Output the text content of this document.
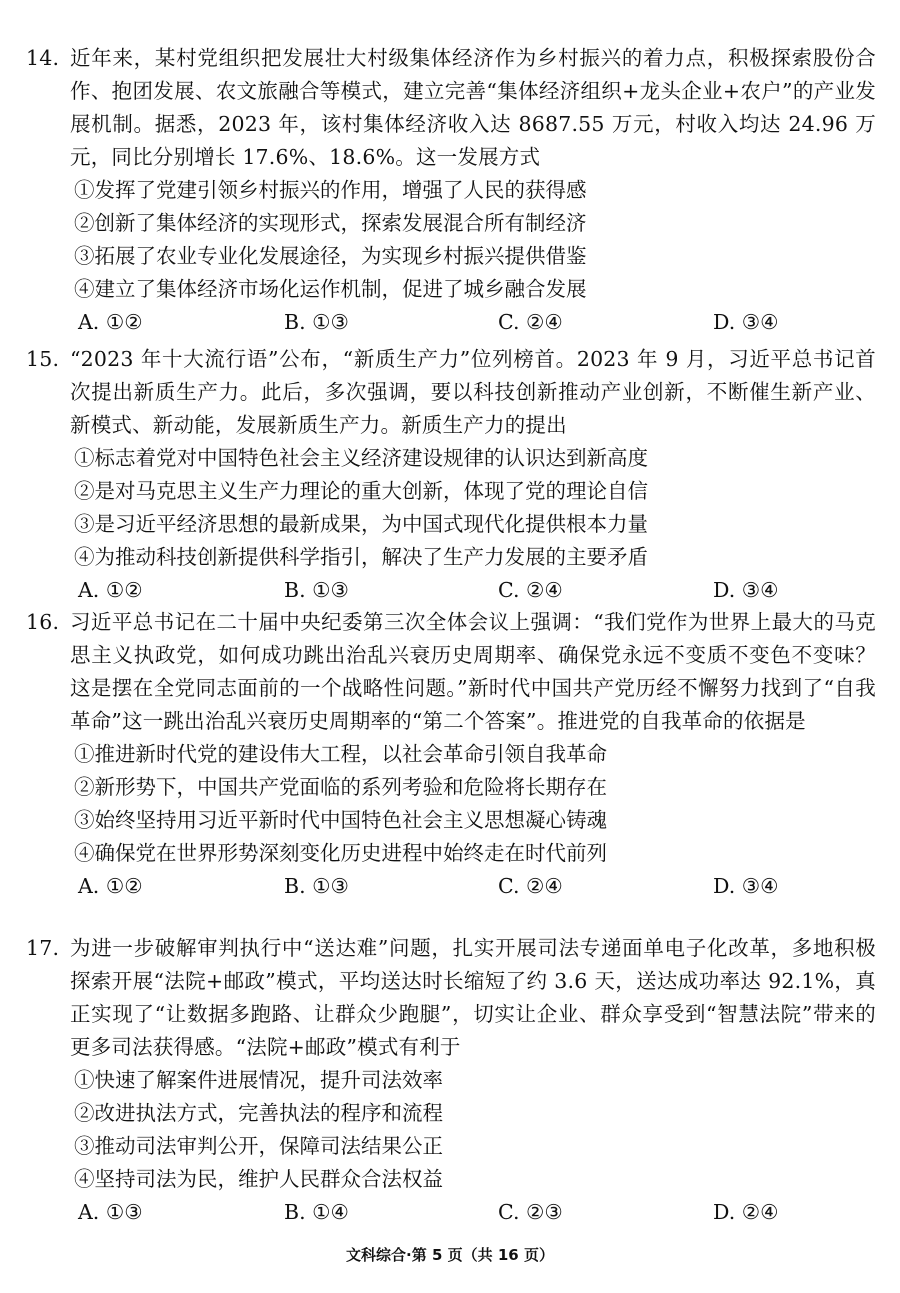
14. 近年来，某村党组织把发展壮大村级集体经济作为乡村振兴的着力点，积极探索股份合作、抱团发展、农文旅融合等模式，建立完善“集体经济组织+龙头企业+农户”的产业发展机制。据悉，2023 年，该村集体经济收入达 8687.55 万元，村收入均达 24.96 万元，同比分别增长 17.6%、18.6%。这一发展方式
①发挥了党建引领乡村振兴的作用，增强了人民的获得感
②创新了集体经济的实现形式，探索发展混合所有制经济
③拓展了农业专业化发展途径，为实现乡村振兴提供借鉴
④建立了集体经济市场化运作机制，促进了城乡融合发展
A. ①②	B. ①③	C. ②④	D. ③④
15. “2023 年十大流行语”公布，“新质生产力”位列榜首。2023 年 9 月，习近平总书记首次提出新质生产力。此后，多次强调，要以科技创新推动产业创新，不断催生新产业、新模式、新动能，发展新质生产力。新质生产力的提出
①标志着党对中国特色社会主义经济建设规律的认识达到新高度
②是对马克思主义生产力理论的重大创新，体现了党的理论自信
③是习近平经济思想的最新成果，为中国式现代化提供根本力量
④为推动科技创新提供科学指引，解决了生产力发展的主要矛盾
A. ①②	B. ①③	C. ②④	D. ③④
16. 习近平总书记在二十届中央纪委第三次全体会议上强调：“我们党作为世界上最大的马克思主义执政党，如何成功跳出治乱兴衰历史周期率、确保党永远不变质不变色不变味？这是摆在全党同志面前的一个战略性问题。”新时代中国共产党历经不懈努力找到了“自我革命”这一跳出治乱兴衰历史周期率的“第二个答案”。推进党的自我革命的依据是
①推进新时代党的建设伟大工程，以社会革命引领自我革命
②新形势下，中国共产党面临的系列考验和危险将长期存在
③始终坚持用习近平新时代中国特色社会主义思想凝心铸魂
④确保党在世界形势深刻变化历史进程中始终走在时代前列
A. ①②	B. ①③	C. ②④	D. ③④
17. 为进一步破解审判执行中“送达难”问题，扎实开展司法专递面单电子化改革，多地积极探索开展“法院+邮政”模式，平均送达时长缩短了约 3.6 天，送达成功率达 92.1%，真正实现了“让数据多跑路、让群众少跑腿”，切实让企业、群众享受到“智慧法院”带来的更多司法获得感。“法院+邮政”模式有利于
①快速了解案件进展情况，提升司法效率
②改进执法方式，完善执法的程序和流程
③推动司法审判公开，保障司法结果公正
④坚持司法为民，维护人民群众合法权益
A. ①③	B. ①④	C. ②③	D. ②④
文科综合·第 5 页（共 16 页）
